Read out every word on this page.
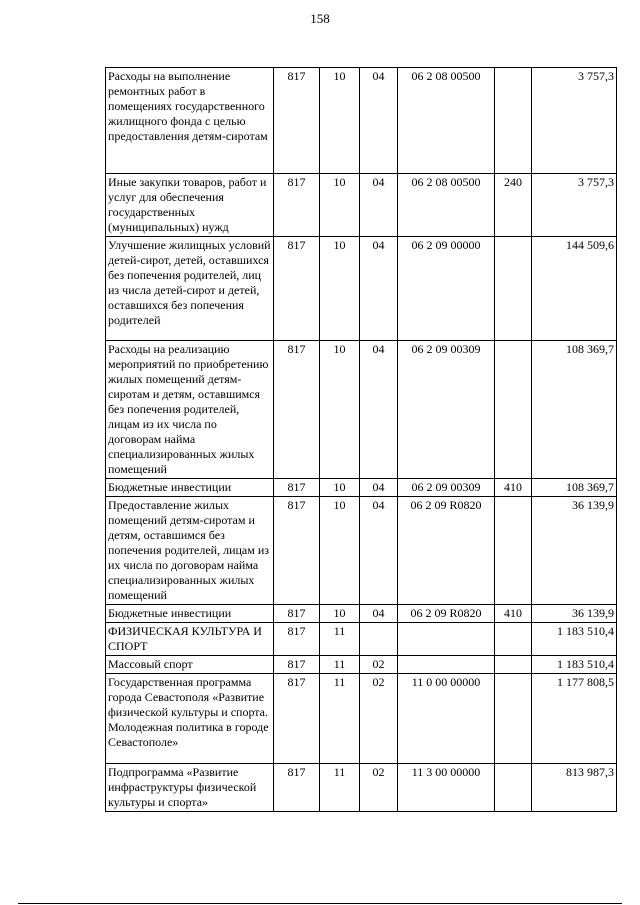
158
Расходы на выполнение ремонтных работ в помещениях государственного жилищного фонда с целью предоставления детям-сиротам	817	10	04	06 2 08 00500		3 757,3
Иные закупки товаров, работ и услуг для обеспечения государственных (муниципальных) нужд	817	10	04	06 2 08 00500	240	3 757,3
Улучшение жилищных условий детей-сирот, детей, оставшихся без попечения родителей, лиц из числа детей-сирот и детей, оставшихся без попечения родителей	817	10	04	06 2 09 00000		144 509,6
Расходы на реализацию мероприятий по приобретению жилых помещений детям-сиротам и детям, оставшимся без попечения родителей, лицам из их числа по договорам найма специализированных жилых помещений	817	10	04	06 2 09 00309		108 369,7
Бюджетные инвестиции	817	10	04	06 2 09 00309	410	108 369,7
Предоставление жилых помещений детям-сиротам и детям, оставшимся без попечения родителей, лицам из их числа по договорам найма специализированных жилых помещений	817	10	04	06 2 09 R0820		36 139,9
Бюджетные инвестиции	817	10	04	06 2 09 R0820	410	36 139,9
ФИЗИЧЕСКАЯ КУЛЬТУРА И СПОРТ	817	11				1 183 510,4
Массовый спорт	817	11	02			1 183 510,4
Государственная программа города Севастополя «Развитие физической культуры и спорта. Молодежная политика в городе Севастополе»	817	11	02	11 0 00 00000		1 177 808,5
Подпрограмма «Развитие инфраструктуры физической культуры и спорта»	817	11	02	11 3 00 00000		813 987,3
